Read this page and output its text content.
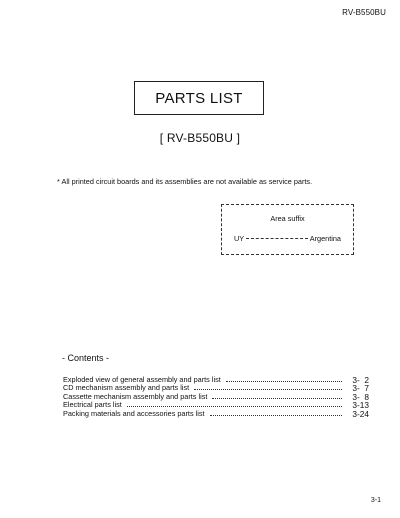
RV-B550BU
PARTS LIST
[ RV-B550BU ]
* All printed circuit boards and its assemblies are not available as service parts.
Area suffix
UY	Argentina
- Contents -
Exploded view of general assembly and parts list	3-  2
CD mechanism assembly and parts list	3-  7
Cassette mechanism assembly and parts list	3-  8
Electrical parts list	3-13
Packing materials and accessories parts list	3-24
3-1
